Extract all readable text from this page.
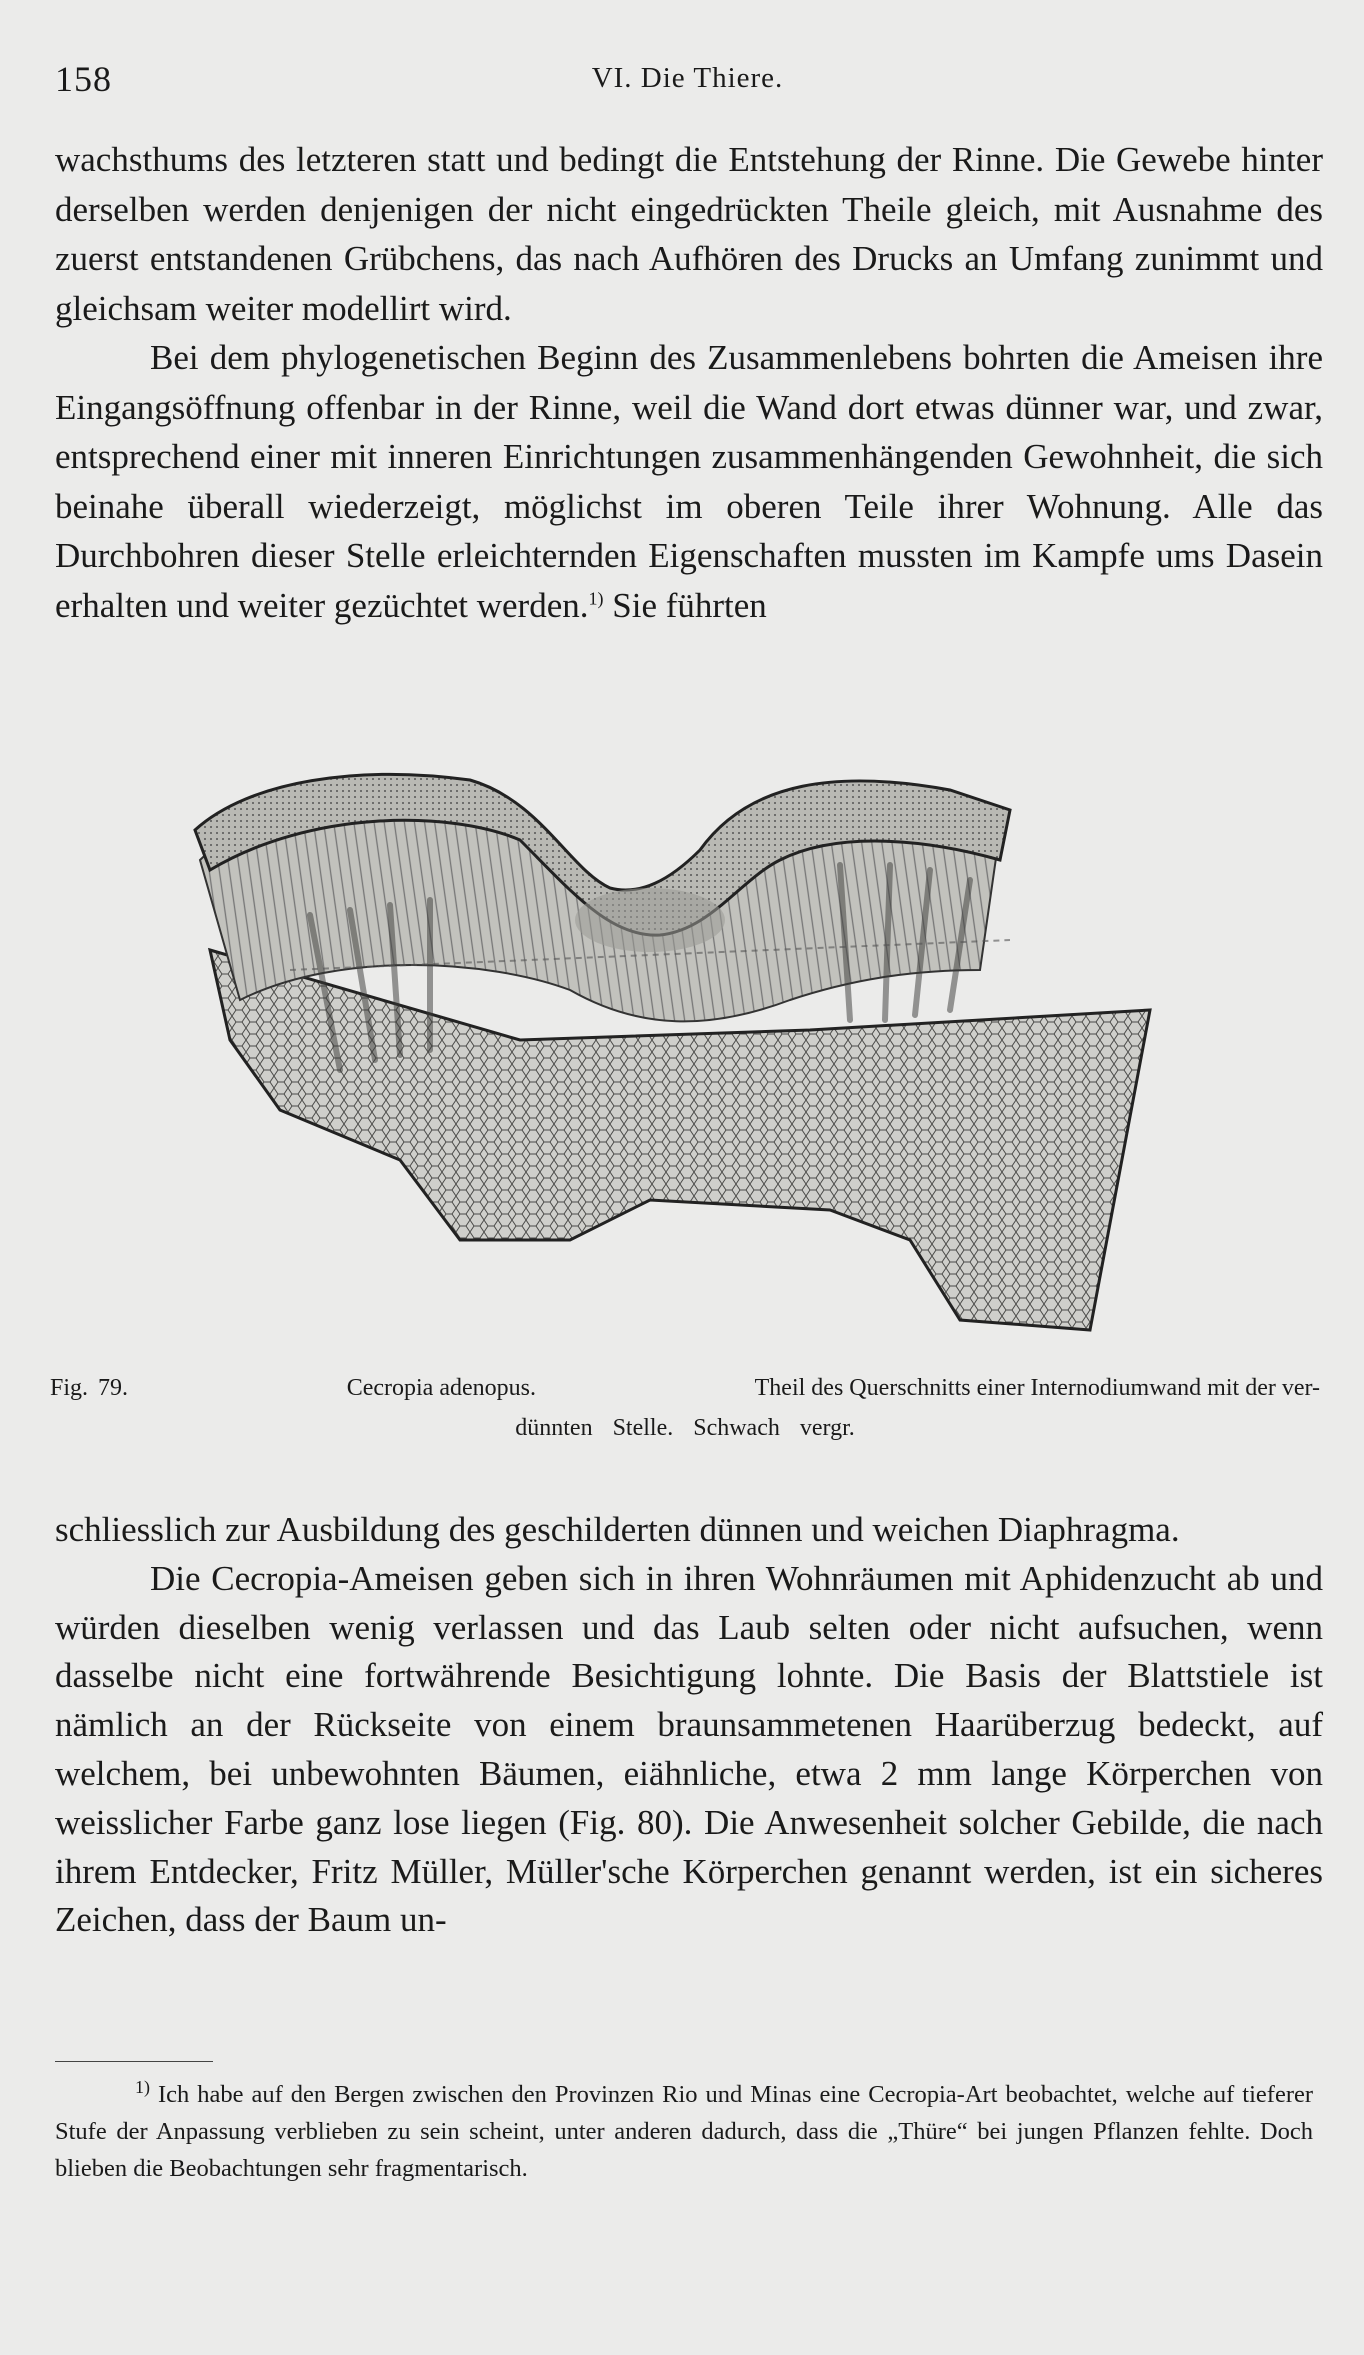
158	VI. Die Thiere.

wachsthums des letzteren statt und bedingt die Entstehung der Rinne. Die Gewebe hinter derselben werden denjenigen der nicht eingedrückten Theile gleich, mit Ausnahme des zuerst entstandenen Grübchens, das nach Aufhören des Drucks an Umfang zunimmt und gleichsam weiter modellirt wird.

Bei dem phylogenetischen Beginn des Zusammenlebens bohrten die Ameisen ihre Eingangsöffnung offenbar in der Rinne, weil die Wand dort etwas dünner war, und zwar, entsprechend einer mit inneren Einrichtungen zusammenhängenden Gewohnheit, die sich beinahe überall wiederzeigt, möglichst im oberen Teile ihrer Wohnung. Alle das Durchbohren dieser Stelle erleichternden Eigenschaften mussten im Kampfe ums Dasein erhalten und weiter gezüchtet werden.$^{1)}$ Sie führten

Fig. 79.	Cecropia adenopus.	Theil des Querschnitts einer Internodiumwand mit der ver-
dünnten Stelle. Schwach vergr.

schliesslich zur Ausbildung des geschilderten dünnen und weichen Diaphragma.

Die Cecropia-Ameisen geben sich in ihren Wohnräumen mit Aphidenzucht ab und würden dieselben wenig verlassen und das Laub selten oder nicht aufsuchen, wenn dasselbe nicht eine fortwährende Besichtigung lohnte. Die Basis der Blattstiele ist nämlich an der Rückseite von einem braunsammetenen Haarüberzug bedeckt, auf welchem, bei unbewohnten Bäumen, eiähnliche, etwa 2 mm lange Körperchen von weisslicher Farbe ganz lose liegen (Fig. 80). Die Anwesenheit solcher Gebilde, die nach ihrem Entdecker, Fritz Müller, Müller'sche Körperchen genannt werden, ist ein sicheres Zeichen, dass der Baum un-

$^{1)}$ Ich habe auf den Bergen zwischen den Provinzen Rio und Minas eine Cecropia-Art beobachtet, welche auf tieferer Stufe der Anpassung verblieben zu sein scheint, unter anderen dadurch, dass die „Thüre“ bei jungen Pflanzen fehlte. Doch blieben die Beobachtungen sehr fragmentarisch.
